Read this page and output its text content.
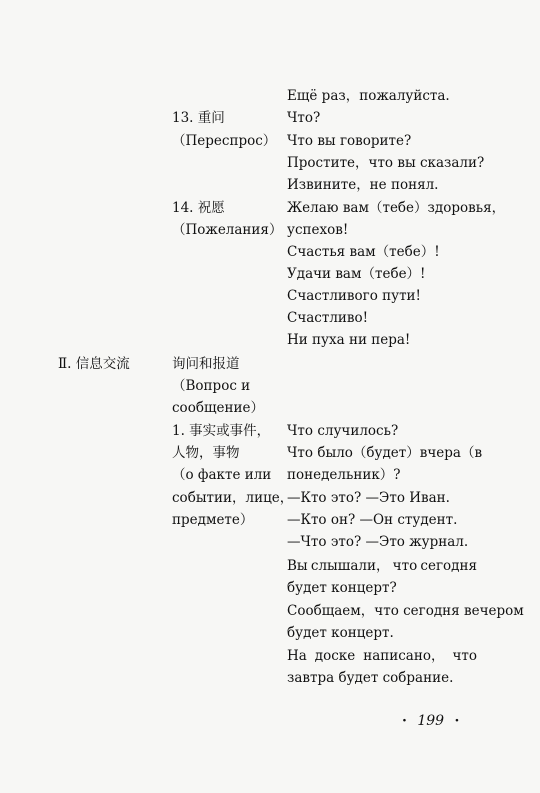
Ещё раз，пожалуйста.
Что?
Что вы говорите?
Простите，что вы сказали?
Извините，не понял.
Желаю вам（тебе）здоровья，
успехов!
Счастья вам（тебе）!
Удачи вам（тебе）!
Счастливого пути!
Счастливо!
Ни пуха ни пера!
Что случилось?
Что было（будет）вчера（в
понедельник）?
—Кто это? —Это Иван.
—Кто он? —Он студент.
—Что это? —Это журнал.
Вы слышали， что сегодня
будет концерт?
Сообщаем，что сегодня вечером
будет концерт.
На доске написано， что
завтра будет собрание.
13. 重问
（Переспрос）
14. 祝愿
（Пожелания）
询问和报道
（Вопрос и
сообщение）
1. 事实或事件，
人物，事物
（о факте или
событии，лице，
предмете）
Ⅱ. 信息交流
· 199 ·
